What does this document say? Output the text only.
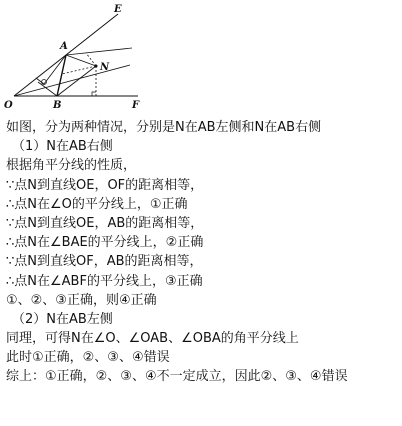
E
A
N
O	B	F
如图，分为两种情况，分别是N在AB左侧和N在AB右侧
（1）N在AB右侧
根据角平分线的性质，
∵点N到直线OE，OF的距离相等，
∴点N在∠O的平分线上，①正确
∵点N到直线OE，AB的距离相等，
∴点N在∠BAE的平分线上，②正确
∵点N到直线OF，AB的距离相等，
∴点N在∠ABF的平分线上，③正确
①、②、③正确，则④正确
（2）N在AB左侧
同理，可得N在∠O、∠OAB、∠OBA的角平分线上
此时①正确，②、③、④错误
综上：①正确，②、③、④不一定成立，因此②、③、④错误
